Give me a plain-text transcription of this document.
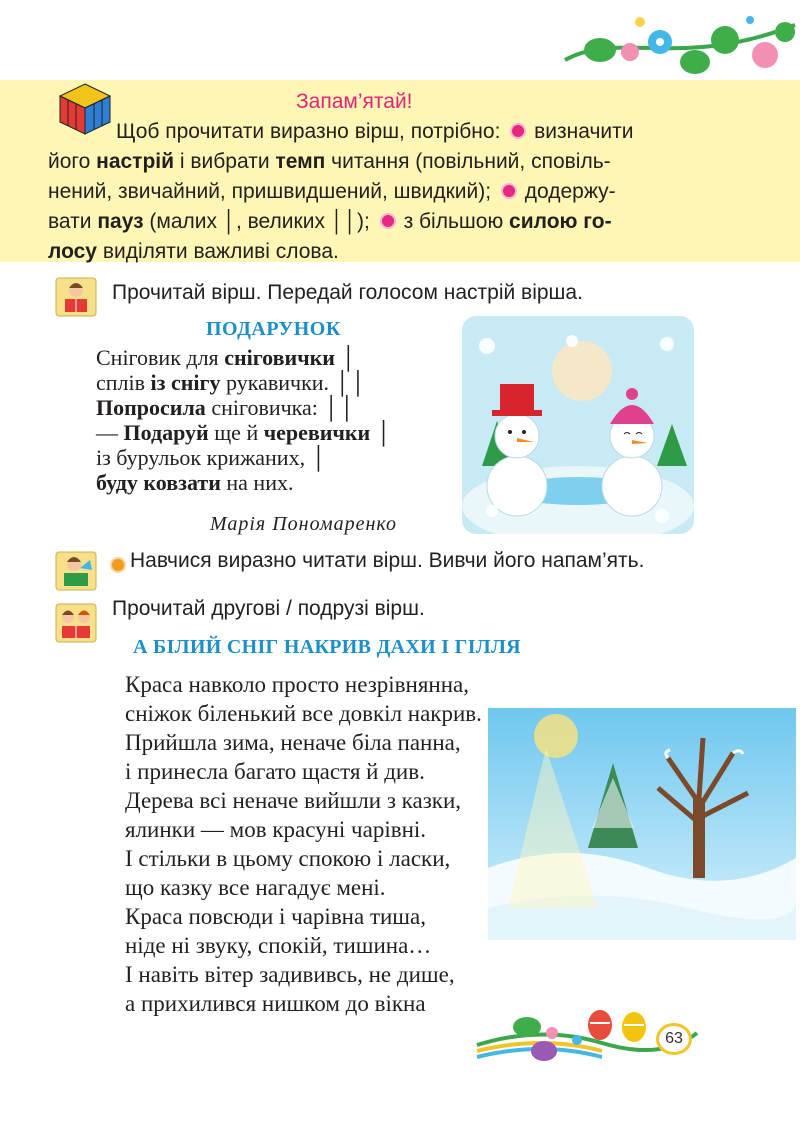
Запам’ятай!

Щоб прочитати виразно вірш, потрібно: визначити

його настрій і вибрати темп читання (повільний, сповіль-

нений, звичайний, пришвидшений, швидкий); додержу-

вати пауз (малих │, великих ││); з більшою силою го-

лосу виділяти важливі слова.

Прочитай вірш. Передай голосом настрій вірша.
ПОДАРУНОК
Сніговик для сніговички │
сплів із снігу рукавички. ││
Попросила сніговичка: ││
— Подаруй ще й черевички │
із бурульок крижаних, │
буду ковзати на них.
Марія Пономаренко
Навчися виразно читати вірш. Вивчи його напам’ять.
Прочитай другові / подрузі вірш.
А БІЛИЙ СНІГ НАКРИВ ДАХИ І ГІЛЛЯ
Краса навколо просто незрівнянна,
сніжок біленький все довкіл накрив.
Прийшла зима, неначе біла панна,
і принесла багато щастя й див.
Дерева всі неначе вийшли з казки,
ялинки — мов красуні чарівні.
І стільки в цьому спокою і ласки,
що казку все нагадує мені.
Краса повсюди і чарівна тиша,
ніде ні звуку, спокій, тишина…
І навіть вітер задививсь, не дише,
а прихилився нишком до вікна
63
